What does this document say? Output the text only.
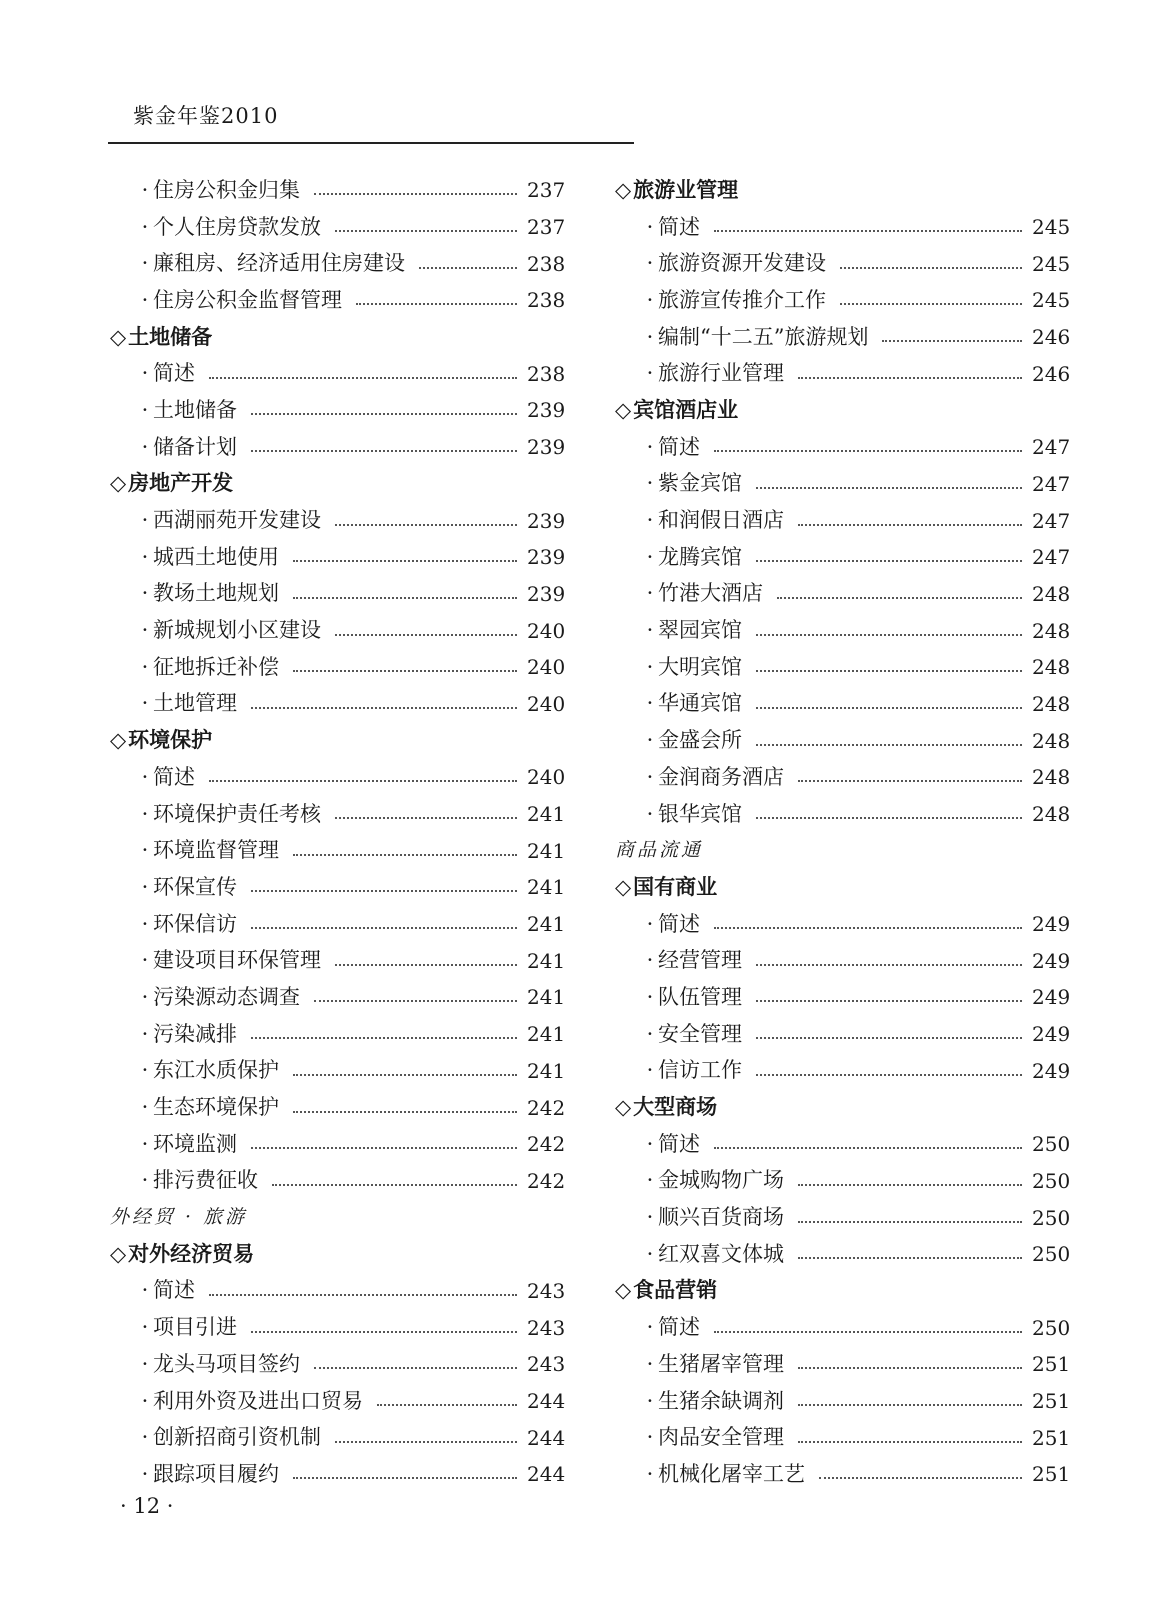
紫金年鉴2010
· 住房公积金归集	237
· 个人住房贷款发放	237
· 廉租房、经济适用住房建设	238
· 住房公积金监督管理	238
◇ 土地储备
· 简述	238
· 土地储备	239
· 储备计划	239
◇ 房地产开发
· 西湖丽苑开发建设	239
· 城西土地使用	239
· 教场土地规划	239
· 新城规划小区建设	240
· 征地拆迁补偿	240
· 土地管理	240
◇ 环境保护
· 简述	240
· 环境保护责任考核	241
· 环境监督管理	241
· 环保宣传	241
· 环保信访	241
· 建设项目环保管理	241
· 污染源动态调查	241
· 污染减排	241
· 东江水质保护	241
· 生态环境保护	242
· 环境监测	242
· 排污费征收	242
外经贸 · 旅游
◇ 对外经济贸易
· 简述	243
· 项目引进	243
· 龙头马项目签约	243
· 利用外资及进出口贸易	244
· 创新招商引资机制	244
· 跟踪项目履约	244
◇ 旅游业管理
· 简述	245
· 旅游资源开发建设	245
· 旅游宣传推介工作	245
· 编制“十二五”旅游规划	246
· 旅游行业管理	246
◇ 宾馆酒店业
· 简述	247
· 紫金宾馆	247
· 和润假日酒店	247
· 龙腾宾馆	247
· 竹港大酒店	248
· 翠园宾馆	248
· 大明宾馆	248
· 华通宾馆	248
· 金盛会所	248
· 金润商务酒店	248
· 银华宾馆	248
商品流通
◇ 国有商业
· 简述	249
· 经营管理	249
· 队伍管理	249
· 安全管理	249
· 信访工作	249
◇ 大型商场
· 简述	250
· 金城购物广场	250
· 顺兴百货商场	250
· 红双喜文体城	250
◇ 食品营销
· 简述	250
· 生猪屠宰管理	251
· 生猪余缺调剂	251
· 肉品安全管理	251
· 机械化屠宰工艺	251
· 12 ·
